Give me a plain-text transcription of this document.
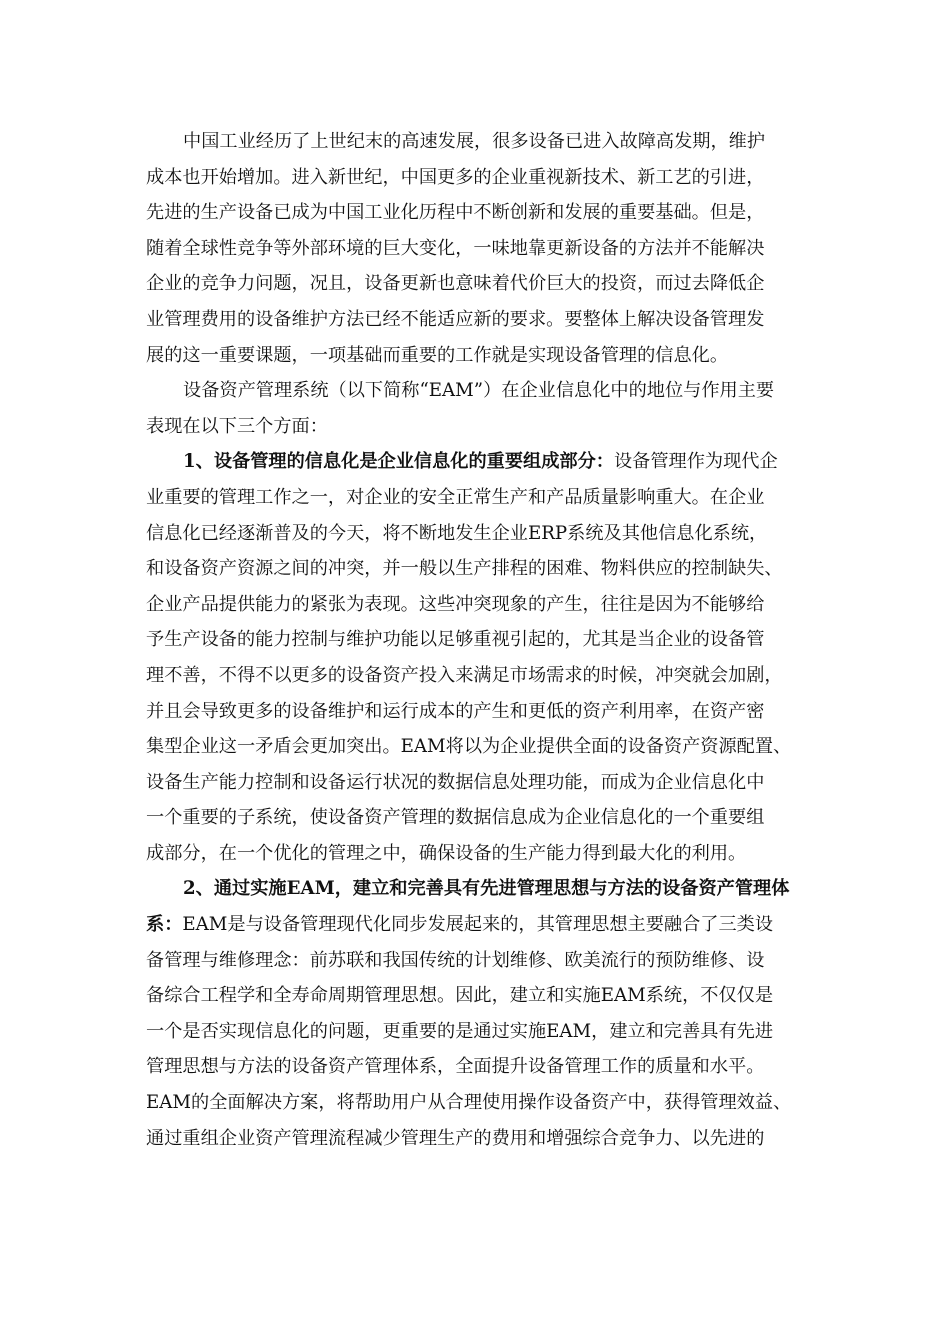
中国工业经历了上世纪末的高速发展，很多设备已进入故障高发期，维护
成本也开始增加。进入新世纪，中国更多的企业重视新技术、新工艺的引进，
先进的生产设备已成为中国工业化历程中不断创新和发展的重要基础。但是，
随着全球性竞争等外部环境的巨大变化，一味地靠更新设备的方法并不能解决
企业的竞争力问题，况且，设备更新也意味着代价巨大的投资，而过去降低企
业管理费用的设备维护方法已经不能适应新的要求。要整体上解决设备管理发
展的这一重要课题，一项基础而重要的工作就是实现设备管理的信息化。
设备资产管理系统（以下简称“EAM”）在企业信息化中的地位与作用主要
表现在以下三个方面：
1、设备管理的信息化是企业信息化的重要组成部分：设备管理作为现代企
业重要的管理工作之一，对企业的安全正常生产和产品质量影响重大。在企业
信息化已经逐渐普及的今天，将不断地发生企业ERP系统及其他信息化系统，
和设备资产资源之间的冲突，并一般以生产排程的困难、物料供应的控制缺失、
企业产品提供能力的紧张为表现。这些冲突现象的产生，往往是因为不能够给
予生产设备的能力控制与维护功能以足够重视引起的，尤其是当企业的设备管
理不善，不得不以更多的设备资产投入来满足市场需求的时候，冲突就会加剧，
并且会导致更多的设备维护和运行成本的产生和更低的资产利用率，在资产密
集型企业这一矛盾会更加突出。EAM将以为企业提供全面的设备资产资源配置、
设备生产能力控制和设备运行状况的数据信息处理功能，而成为企业信息化中
一个重要的子系统，使设备资产管理的数据信息成为企业信息化的一个重要组
成部分，在一个优化的管理之中，确保设备的生产能力得到最大化的利用。
2、通过实施EAM，建立和完善具有先进管理思想与方法的设备资产管理体
系：EAM是与设备管理现代化同步发展起来的，其管理思想主要融合了三类设
备管理与维修理念：前苏联和我国传统的计划维修、欧美流行的预防维修、设
备综合工程学和全寿命周期管理思想。因此，建立和实施EAM系统，不仅仅是
一个是否实现信息化的问题，更重要的是通过实施EAM，建立和完善具有先进
管理思想与方法的设备资产管理体系，全面提升设备管理工作的质量和水平。
EAM的全面解决方案，将帮助用户从合理使用操作设备资产中，获得管理效益、
通过重组企业资产管理流程减少管理生产的费用和增强综合竞争力、以先进的
